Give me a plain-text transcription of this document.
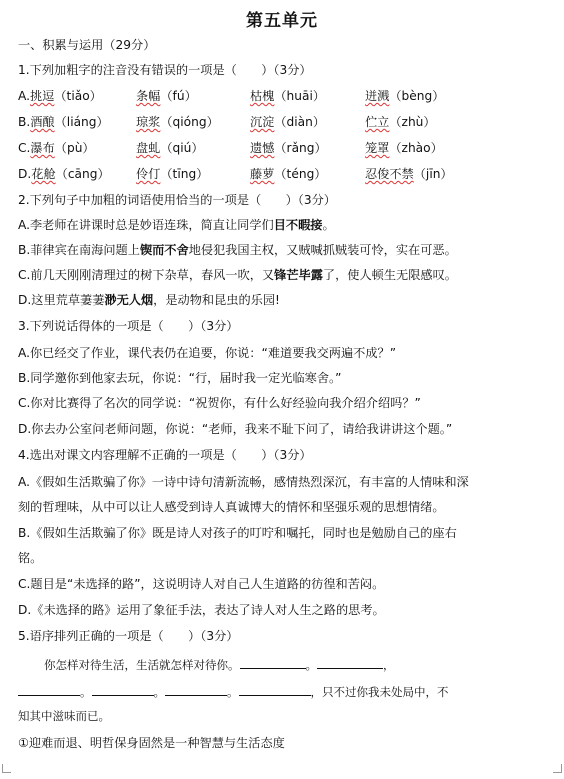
第五单元
一、积累与运用（29分）
1.下列加粗字的注音没有错误的一项是（　　）（3分）
A.挑逗（tiǎo）	条幅（fú）	枯槐（huāi）	迸溅（bèng）
B.酒酿（liáng）	琼浆（qióng）	沉淀（diàn）	伫立（zhù）
C.瀑布（pù）	盘虬（qiú）	遗憾（rǎng）	笼罩（zhào）
D.花舱（cāng）	伶仃（tīng）	藤萝（téng）	忍俊不禁（jīn）
2.下列句子中加粗的词语使用恰当的一项是（　　）（3分）
A.李老师在讲课时总是妙语连珠，简直让同学们目不暇接。
B.菲律宾在南海问题上锲而不舍地侵犯我国主权，又贼喊抓贼装可怜，实在可恶。
C.前几天刚刚清理过的树下杂草，春风一吹，又锋芒毕露了，使人顿生无限感叹。
D.这里荒草萋萋渺无人烟，是动物和昆虫的乐园!
3.下列说话得体的一项是（　　）（3分）
A.你已经交了作业，课代表仍在追要，你说：“难道要我交两遍不成？”
B.同学邀你到他家去玩，你说：“行，届时我一定光临寒舍。”
C.你对比赛得了名次的同学说：“祝贺你，有什么好经验向我介绍介绍吗？”
D.你去办公室问老师问题，你说：“老师，我来不耻下问了，请给我讲讲这个题。”
4.选出对课文内容理解不正确的一项是（　　）（3分）
A.《假如生活欺骗了你》一诗中诗句清新流畅，感情热烈深沉，有丰富的人情味和深
刻的哲理味，从中可以让人感受到诗人真诚博大的情怀和坚强乐观的思想情绪。
B.《假如生活欺骗了你》既是诗人对孩子的叮咛和嘱托，同时也是勉励自己的座右
铭。
C.题目是“未选择的路”，这说明诗人对自己人生道路的彷徨和苦闷。
D.《未选择的路》运用了象征手法，表达了诗人对人生之路的思考。
5.语序排列正确的一项是（　　）（3分）
你怎样对待生活，生活就怎样对待你。	。	，
。	。	。	，只不过你我未处局中，不
知其中滋味而已。
①迎难而退、明哲保身固然是一种智慧与生活态度
